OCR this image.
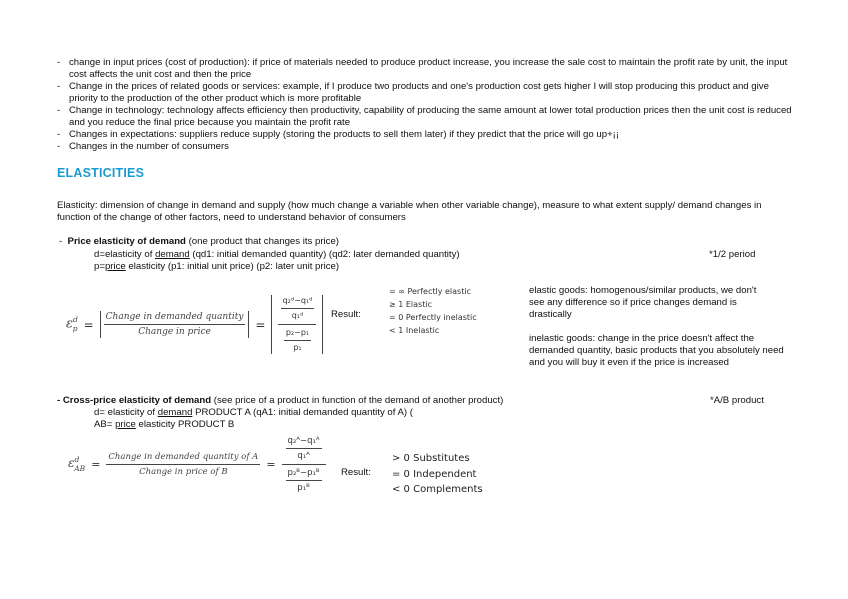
- change in input prices (cost of production): if price of materials needed to produce product increase, you increase the sale cost to maintain the profit rate by unit, the input cost affects the unit cost and then the price
- Change in the prices of related goods or services: example, if I produce two products and one's production cost gets higher I will stop producing this product and give priority to the production of the other product which is more profitable
- Change in technology: technology affects efficiency then productivity, capability of producing the same amount at lower total production prices then the unit cost is reduced and you reduce the final price because you maintain the profit rate
- Changes in expectations: suppliers reduce supply (storing the products to sell them later) if they predict that the price will go up+¡¡
- Changes in the number of consumers
ELASTICITIES
Elasticity: dimension of change in demand and supply (how much change a variable when other variable change), measure to what extent supply/ demand changes in function of the change of other factors, need to understand behavior of consumers
- Price elasticity of demand (one product that changes its price)
d=elasticity of demand (qd1: initial demanded quantity) (qd2: later demanded quantity)	*1/2 period
p=price elasticity (p1: initial unit price) (p2: later unit price)
$\varepsilon^d_p = \frac{\text{Change in demanded quantity}}{\text{Change in price}}$ =
$\frac{\text{q₂ᵈ−q₁ᵈ}}{\text{q₁ᵈ}}$
$\frac{\text{p₂−p₁}}{\text{p₁}}$
Result:
= ∞ Perfectly elastic
≥ 1 Elastic
= 0 Perfectly inelastic
< 1 Inelastic
elastic goods: homogenous/similar products, we don't see any difference so if price changes demand is drastically
inelastic goods: change in the price doesn't affect the demanded quantity, basic products that you absolutely need and you will buy it even if the price is increased
- Cross-price elasticity of demand (see price of a product in function of the demand of another product)	*A/B product
d= elasticity of demand PRODUCT A (qA1: initial demanded quantity of A) (
AB= price elasticity PRODUCT B
$\varepsilon^d_{AB} = \frac{\text{Change in demanded quantity of A}}{\text{Change in price of B}}$ =
$\frac{\text{q₂ᴬ−q₁ᴬ}}{\text{q₁ᴬ}}$
$\frac{\text{p₂ᴮ−p₁ᴮ}}{\text{p₁ᴮ}}$ Result:
> 0 Substitutes
= 0 Independent
< 0 Complements
